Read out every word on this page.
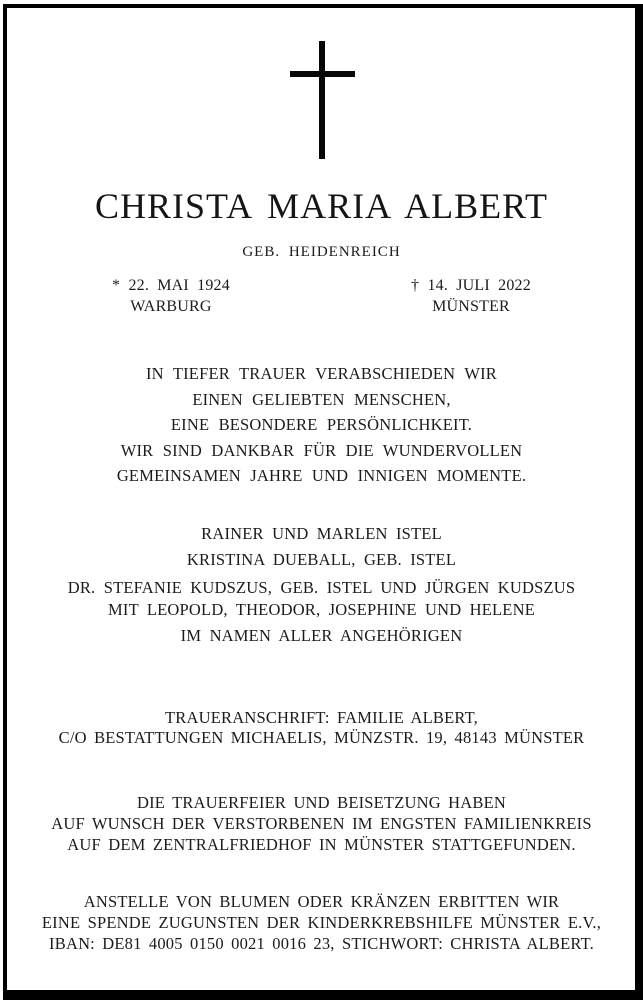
CHRISTA MARIA ALBERT
GEB. HEIDENREICH
* 22. MAI 1924
WARBURG
† 14. JULI 2022
MÜNSTER
IN TIEFER TRAUER VERABSCHIEDEN WIR
EINEN GELIEBTEN MENSCHEN,
EINE BESONDERE PERSÖNLICHKEIT.
WIR SIND DANKBAR FÜR DIE WUNDERVOLLEN
GEMEINSAMEN JAHRE UND INNIGEN MOMENTE.
RAINER UND MARLEN ISTEL
KRISTINA DUEBALL, GEB. ISTEL
DR. STEFANIE KUDSZUS, GEB. ISTEL UND JÜRGEN KUDSZUS
MIT LEOPOLD, THEODOR, JOSEPHINE UND HELENE
IM NAMEN ALLER ANGEHÖRIGEN
TRAUERANSCHRIFT: FAMILIE ALBERT,
C/O BESTATTUNGEN MICHAELIS, MÜNZSTR. 19, 48143 MÜNSTER
DIE TRAUERFEIER UND BEISETZUNG HABEN
AUF WUNSCH DER VERSTORBENEN IM ENGSTEN FAMILIENKREIS
AUF DEM ZENTRALFRIEDHOF IN MÜNSTER STATTGEFUNDEN.
ANSTELLE VON BLUMEN ODER KRÄNZEN ERBITTEN WIR
EINE SPENDE ZUGUNSTEN DER KINDERKREBSHILFE MÜNSTER E.V.,
IBAN: DE81 4005 0150 0021 0016 23, STICHWORT: CHRISTA ALBERT.
